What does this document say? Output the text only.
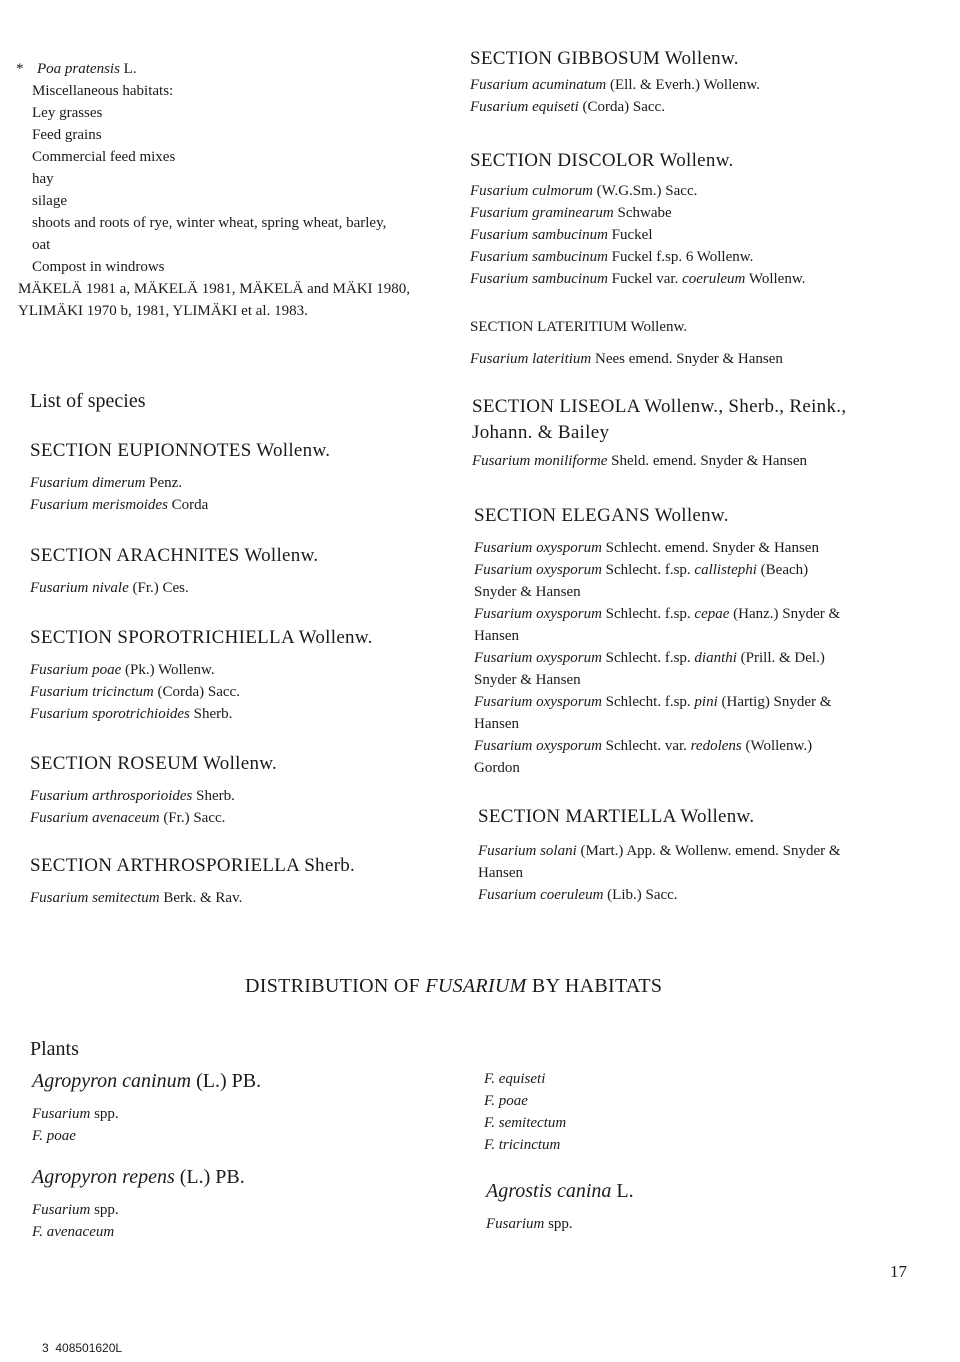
* Poa pratensis L.
Miscellaneous habitats:
Ley grasses
Feed grains
Commercial feed mixes
hay
silage
shoots and roots of rye, winter wheat, spring wheat, barley,
oat
Compost in windrows
MÄKELÄ 1981 a, MÄKELÄ 1981, MÄKELÄ and MÄKI 1980,
YLIMÄKI 1970 b, 1981, YLIMÄKI et al. 1983.
List of species
SECTION EUPIONNOTES Wollenw.
Fusarium dimerum Penz.
Fusarium merismoides Corda
SECTION ARACHNITES Wollenw.
Fusarium nivale (Fr.) Ces.
SECTION SPOROTRICHIELLA Wollenw.
Fusarium poae (Pk.) Wollenw.
Fusarium tricinctum (Corda) Sacc.
Fusarium sporotrichioides Sherb.
SECTION ROSEUM Wollenw.
Fusarium arthrosporioides Sherb.
Fusarium avenaceum (Fr.) Sacc.
SECTION ARTHROSPORIELLA Sherb.
Fusarium semitectum Berk. & Rav.
SECTION GIBBOSUM Wollenw.
Fusarium acuminatum (Ell. & Everh.) Wollenw.
Fusarium equiseti (Corda) Sacc.
SECTION DISCOLOR Wollenw.
Fusarium culmorum (W.G.Sm.) Sacc.
Fusarium graminearum Schwabe
Fusarium sambucinum Fuckel
Fusarium sambucinum Fuckel f.sp. 6 Wollenw.
Fusarium sambucinum Fuckel var. coeruleum Wollenw.
SECTION LATERITIUM Wollenw.
Fusarium lateritium Nees emend. Snyder & Hansen
SECTION LISEOLA Wollenw., Sherb., Reink.,
Johann. & Bailey
Fusarium moniliforme Sheld. emend. Snyder & Hansen
SECTION ELEGANS Wollenw.
Fusarium oxysporum Schlecht. emend. Snyder & Hansen
Fusarium oxysporum Schlecht. f.sp. callistephi (Beach)
Snyder & Hansen
Fusarium oxysporum Schlecht. f.sp. cepae (Hanz.) Snyder &
Hansen
Fusarium oxysporum Schlecht. f.sp. dianthi (Prill. & Del.)
Snyder & Hansen
Fusarium oxysporum Schlecht. f.sp. pini (Hartig) Snyder &
Hansen
Fusarium oxysporum Schlecht. var. redolens (Wollenw.)
Gordon
SECTION MARTIELLA Wollenw.
Fusarium solani (Mart.) App. & Wollenw. emend. Snyder &
Hansen
Fusarium coeruleum (Lib.) Sacc.
DISTRIBUTION OF FUSARIUM BY HABITATS
Plants
Agropyron caninum (L.) PB.
Fusarium spp.
F. poae
Agropyron repens (L.) PB.
Fusarium spp.
F. avenaceum
F. equiseti
F. poae
F. semitectum
F. tricinctum
Agrostis canina L.
Fusarium spp.
17
3  408501620L
